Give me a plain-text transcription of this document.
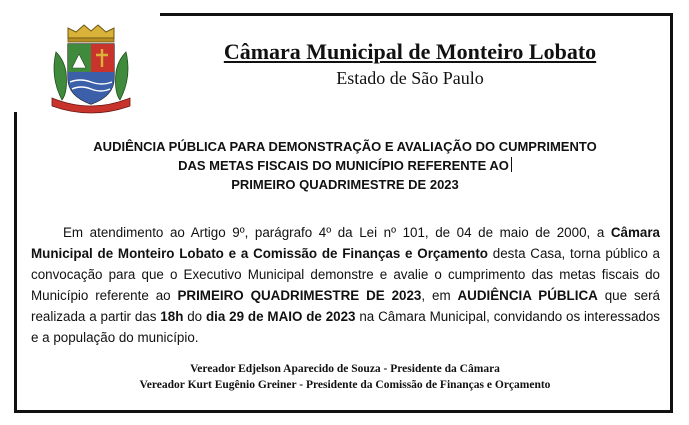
Câmara Municipal de Monteiro Lobato
Estado de São Paulo
AUDIÊNCIA PÚBLICA PARA DEMONSTRAÇÃO E AVALIAÇÃO DO CUMPRIMENTO
DAS METAS FISCAIS DO MUNICÍPIO REFERENTE AO
PRIMEIRO QUADRIMESTRE DE 2023

Em atendimento ao Artigo 9º, parágrafo 4º da Lei nº 101, de 04 de maio de 2000, a Câmara Municipal de Monteiro Lobato e a Comissão de Finanças e Orçamento desta Casa, torna público a convocação para que o Executivo Municipal demonstre e avalie o cumprimento das metas fiscais do Município referente ao PRIMEIRO QUADRIMESTRE DE 2023, em AUDIÊNCIA PÚBLICA que será realizada a partir das 18h do dia 29 de MAIO de 2023 na Câmara Municipal, convidando os interessados e a população do município.

Vereador Edjelson Aparecido de Souza - Presidente da Câmara
Vereador Kurt Eugênio Greiner - Presidente da Comissão de Finanças e Orçamento
